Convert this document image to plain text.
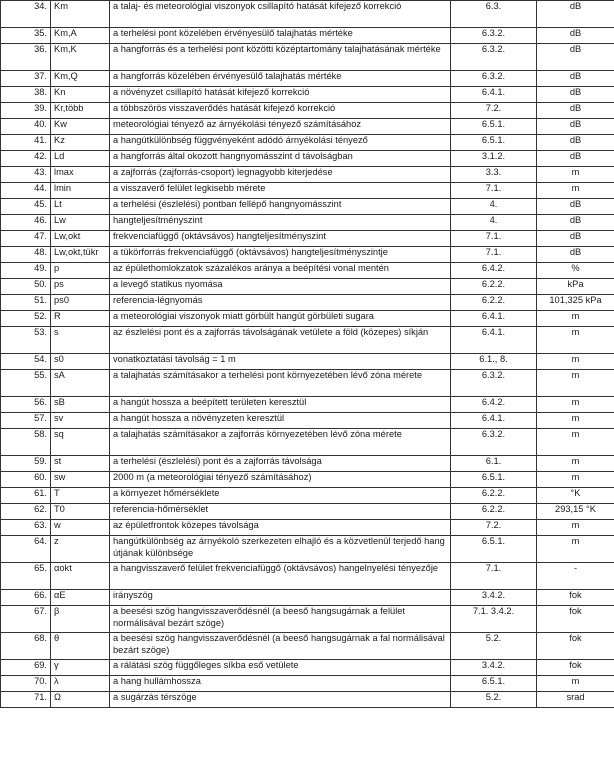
34.	Km	a talaj- és meteorológiai viszonyok csillapító hatását kifejező korrekció	6.3.	dB
35.	Km,A	a terhelési pont közelében érvényesülő talajhatás mértéke	6.3.2.	dB
36.	Km,K	a hangforrás és a terhelési pont közötti középtartomány talajhatásának mértéke	6.3.2.	dB
37.	Km,Q	a hangforrás közelében érvényesülő talajhatás mértéke	6.3.2.	dB
38.	Kn	a növényzet csillapító hatását kifejező korrekció	6.4.1.	dB
39.	Kr,több	a többszörös visszaverődés hatását kifejező korrekció	7.2.	dB
40.	Kw	meteorológiai tényező az árnyékolási tényező számításához	6.5.1.	dB
41.	Kz	a hangútkülönbség függvényeként adódó árnyékolási tényező	6.5.1.	dB
42.	Ld	a hangforrás által okozott hangnyomásszint d távolságban	3.1.2.	dB
43.	lmax	a zajforrás (zajforrás-csoport) legnagyobb kiterjedése	3.3.	m
44.	lmin	a visszaverő felület legkisebb mérete	7.1.	m
45.	Lt	a terhelési (észlelési) pontban fellépő hangnyomásszint	4.	dB
46.	Lw	hangteljesítményszint	4.	dB
47.	Lw,okt	frekvenciafüggő (oktávsávos) hangteljesítményszint	7.1.	dB
48.	Lw,okt,tükr	a tükörforrás frekvenciafüggő (oktávsávos) hangteljesítményszintje	7.1.	dB
49.	p	az épülethomlokzatok százalékos aránya a beépítési vonal mentén	6.4.2.	%
50.	ps	a levegő statikus nyomása	6.2.2.	kPa
51.	ps0	referencia-légnyomás	6.2.2.	101,325 kPa
52.	R	a meteorológiai viszonyok miatt görbült hangút görbületi sugara	6.4.1.	m
53.	s	az észlelési pont és a zajforrás távolságának vetülete a föld (közepes) síkján	6.4.1.	m
54.	s0	vonatkoztatási távolság = 1 m	6.1., 8.	m
55.	sA	a talajhatás számításakor a terhelési pont környezetében lévő zóna mérete	6.3.2.	m
56.	sB	a hangút hossza a beépített területen keresztül	6.4.2.	m
57.	sv	a hangút hossza a növényzeten keresztül	6.4.1.	m
58.	sq	a talajhatás számításakor a zajforrás környezetében lévő zóna mérete	6.3.2.	m
59.	st	a terhelési (észlelési) pont és a zajforrás távolsága	6.1.	m
60.	sw	2000 m (a meteorológiai tényező számításához)	6.5.1.	m
61.	T	a környezet hőmérséklete	6.2.2.	°K
62.	T0	referencia-hőmérséklet	6.2.2.	293,15 °K
63.	w	az épületfrontok közepes távolsága	7.2.	m
64.	z	hangútkülönbség az árnyékoló szerkezeten elhajló és a közvetlenül terjedő hang útjának különbsége	6.5.1.	m
65.	αokt	a hangvisszaverő felület frekvenciafüggő (oktávsávos) hangelnyelési tényezője	7.1.	-
66.	αE	irányszög	3.4.2.	fok
67.	β	a beesési szög hangvisszaverődésnél (a beeső hangsugárnak a felület normálisával bezárt szöge)	7.1. 3.4.2.	fok
68.	θ	a beesési szög hangvisszaverődésnél (a beeső hangsugárnak a fal normálisával bezárt szöge)	5.2.	fok
69.	γ	a rálátási szög függőleges síkba eső vetülete	3.4.2.	fok
70.	λ	a hang hullámhossza	6.5.1.	m
71.	Ω	a sugárzás térszöge	5.2.	srad
